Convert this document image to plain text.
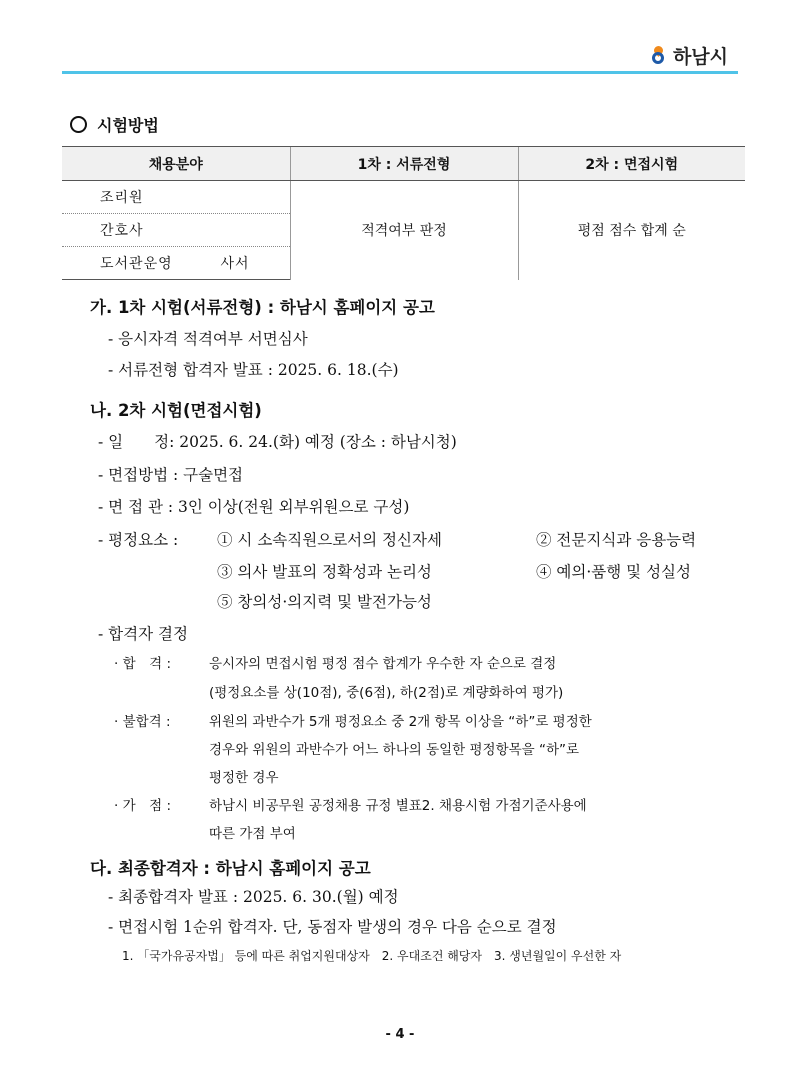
하남시
시험방법
채용분야	1차 : 서류전형	2차 : 면접시험
조리원	적격여부 판정	평점 점수 합계 순
간호사		
도서관운영 사서		
가. 1차 시험(서류전형) : 하남시 홈페이지 공고
- 응시자격 적격여부 서면심사
- 서류전형 합격자 발표 : 2025. 6. 18.(수)
나. 2차 시험(면접시험)
- 일　　정: 2025. 6. 24.(화) 예정 (장소 : 하남시청)
- 면접방법 : 구술면접
- 면 접 관 : 3인 이상(전원 외부위원으로 구성)
- 평정요소 :	① 시 소속직원으로서의 정신자세	② 전문지식과 응용능력
③ 의사 발표의 정확성과 논리성	④ 예의·품행 및 성실성
⑤ 창의성·의지력 및 발전가능성
- 합격자 결정
· 합　격 :	응시자의 면접시험 평정 점수 합계가 우수한 자 순으로 결정
(평정요소를 상(10점), 중(6점), 하(2점)로 계량화하여 평가)
· 불합격 :	위원의 과반수가 5개 평정요소 중 2개 항목 이상을 “하”로 평정한
경우와 위원의 과반수가 어느 하나의 동일한 평정항목을 “하”로
평정한 경우
· 가　점 :	하남시 비공무원 공정채용 규정 별표2. 채용시험 가점기준사용에
따른 가점 부여
다. 최종합격자 : 하남시 홈페이지 공고
- 최종합격자 발표 : 2025. 6. 30.(월) 예정
- 면접시험 1순위 합격자. 단, 동점자 발생의 경우 다음 순으로 결정
1. 「국가유공자법」 등에 따른 취업지원대상자　2. 우대조건 해당자　3. 생년월일이 우선한 자
- 4 -
